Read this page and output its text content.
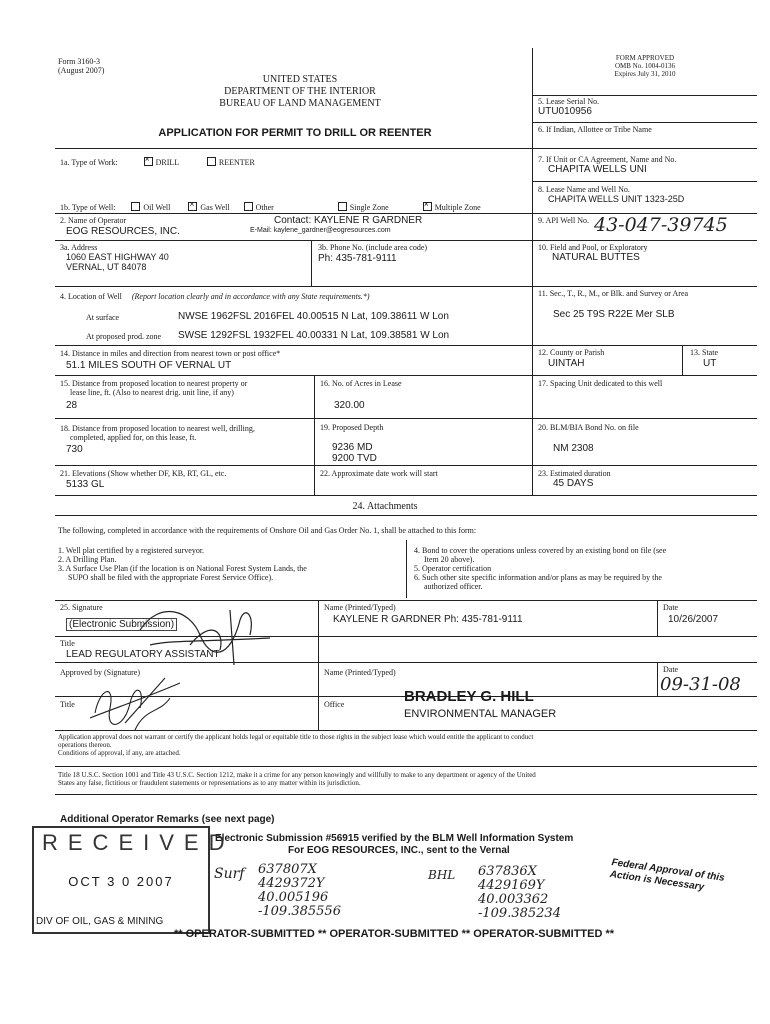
Form 3160-3
(August 2007)
UNITED STATES
DEPARTMENT OF THE INTERIOR
BUREAU OF LAND MANAGEMENT
FORM APPROVED
OMB No. 1004-0136
Expires July 31, 2010
APPLICATION FOR PERMIT TO DRILL OR REENTER
5. Lease Serial No.
UTU010956
6. If Indian, Allottee or Tribe Name
7. If Unit or CA Agreement, Name and No.
CHAPITA WELLS UNI
8. Lease Name and Well No.
CHAPITA WELLS UNIT 1323-25D
9. API Well No. 43-047-39745
10. Field and Pool, or Exploratory
NATURAL BUTTES
11. Sec., T., R., M., or Blk. and Survey or Area
Sec 25 T9S R22E Mer SLB
1a. Type of Work: ×	DRILL	REENTER
1b. Type of Well:	Oil Well ×	Gas Well	Other	Single Zone ×	Multiple Zone
2. Name of Operator
EOG RESOURCES, INC.
Contact: KAYLENE R GARDNER
E-Mail: kaylene_gardner@eogresources.com
3a. Address
1060 EAST HIGHWAY 40
VERNAL, UT 84078
3b. Phone No. (include area code)
Ph: 435-781-9111
4. Location of Well (Report location clearly and in accordance with any State requirements.*)
At surface	NWSE 1962FSL 2016FEL 40.00515 N Lat, 109.38611 W Lon
At proposed prod. zone SWSE 1292FSL 1932FEL 40.00331 N Lat, 109.38581 W Lon
14. Distance in miles and direction from nearest town or post office*
51.1 MILES SOUTH OF VERNAL UT
12. County or Parish
UINTAH
13. State
UT
15. Distance from proposed location to nearest property or
lease line, ft. (Also to nearest drig. unit line, if any)
28
16. No. of Acres in Lease
320.00
17. Spacing Unit dedicated to this well
18. Distance from proposed location to nearest well, drilling,
completed, applied for, on this lease, ft.
730
19. Proposed Depth
9236 MD
9200 TVD
20. BLM/BIA Bond No. on file
NM 2308
21. Elevations (Show whether DF, KB, RT, GL, etc.
5133 GL
22. Approximate date work will start	23. Estimated duration
45 DAYS
24. Attachments
The following, completed in accordance with the requirements of Onshore Oil and Gas Order No. 1, shall be attached to this form:
1. Well plat certified by a registered surveyor.
2. A Drilling Plan.
3. A Surface Use Plan (if the location is on National Forest System Lands, the
SUPO shall be filed with the appropriate Forest Service Office).
4. Bond to cover the operations unless covered by an existing bond on file (see
Item 20 above).
5. Operator certification
6. Such other site specific information and/or plans as may be required by the
authorized officer.
25. Signature
(Electronic Submission)
Name (Printed/Typed)
KAYLENE R GARDNER Ph: 435-781-9111
Date
10/26/2007
Title
LEAD REGULATORY ASSISTANT
Approved by (Signature)	Name (Printed/Typed)
BRADLEY G. HILL
Date
09-31-08
Title	Office
ENVIRONMENTAL MANAGER
Application approval does not warrant or certify the applicant holds legal or equitable title to those rights in the subject lease which would entitle the applicant to conduct
operations thereon.
Conditions of approval, if any, are attached.
Title 18 U.S.C. Section 1001 and Title 43 U.S.C. Section 1212, make it a crime for any person knowingly and willfully to make to any department or agency of the United
States any false, fictitious or fraudulent statements or representations as to any matter within its jurisdiction.
Additional Operator Remarks (see next page)
Electronic Submission #56915 verified by the BLM Well Information System
For EOG RESOURCES, INC., sent to the Vernal
RECEIVED
OCT 3 0 2007
DIV OF OIL, GAS & MINING
** OPERATOR-SUBMITTED ** OPERATOR-SUBMITTED ** OPERATOR-SUBMITTED **
Federal Approval of this Action is Necessary
Surf 637807X
4429372Y
40.005196
-109.385556
BHL 637836X
4429169Y
40.003362
-109.385234
